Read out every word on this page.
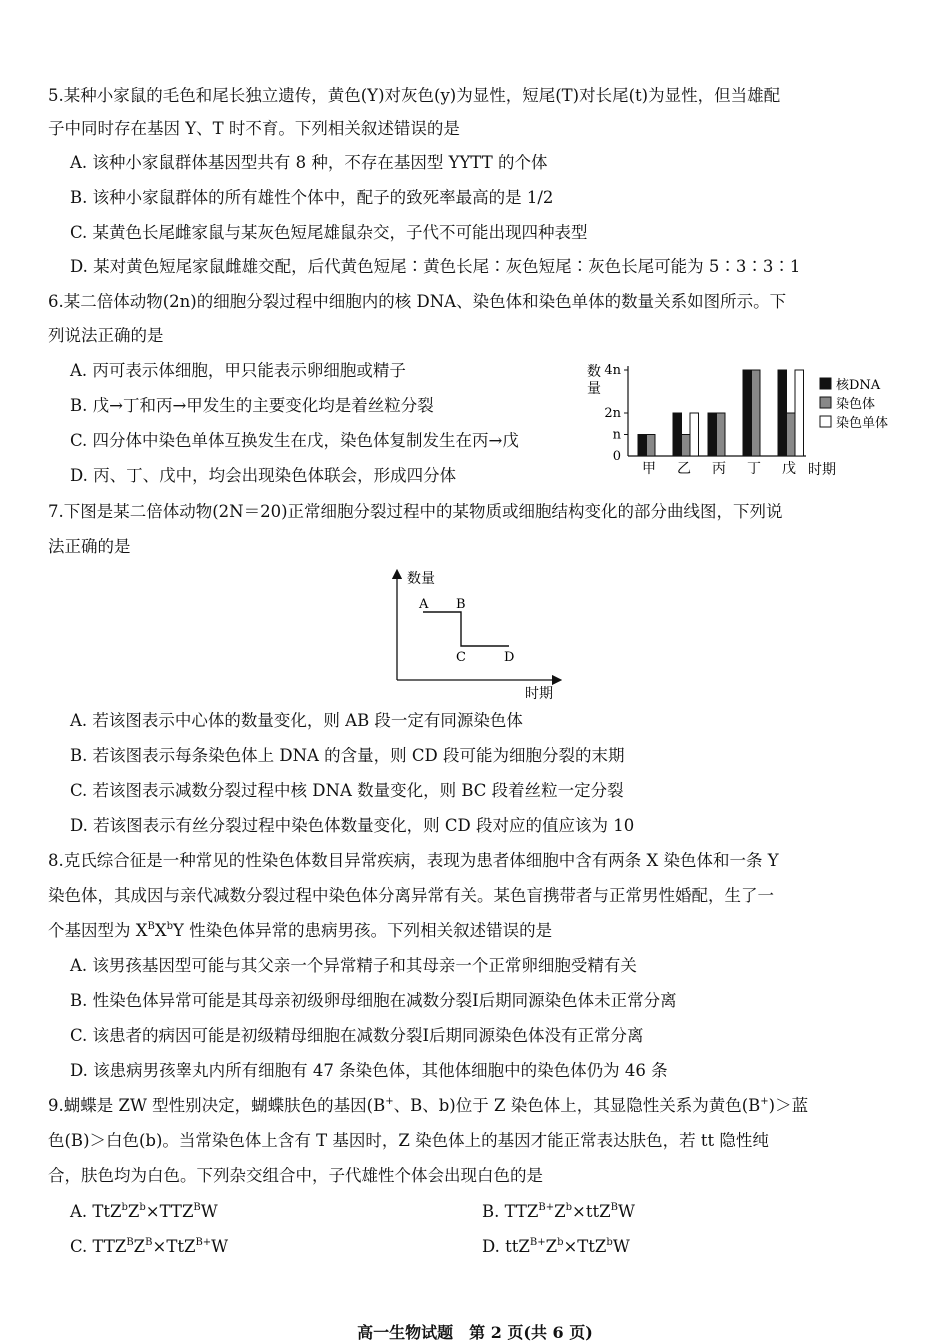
5.某种小家鼠的毛色和尾长独立遗传，黄色(Y)对灰色(y)为显性，短尾(T)对长尾(t)为显性，但当雄配
子中同时存在基因 Y、T 时不育。下列相关叙述错误的是
A. 该种小家鼠群体基因型共有 8 种，不存在基因型 YYTT 的个体
B. 该种小家鼠群体的所有雄性个体中，配子的致死率最高的是 1/2
C. 某黄色长尾雌家鼠与某灰色短尾雄鼠杂交，子代不可能出现四种表型
D. 某对黄色短尾家鼠雌雄交配，后代黄色短尾∶黄色长尾∶灰色短尾∶灰色长尾可能为 5∶3∶3∶1
6.某二倍体动物(2n)的细胞分裂过程中细胞内的核 DNA、染色体和染色单体的数量关系如图所示。下
列说法正确的是
A. 丙可表示体细胞，甲只能表示卵细胞或精子
B. 戊→丁和丙→甲发生的主要变化均是着丝粒分裂
C. 四分体中染色单体互换发生在戊，染色体复制发生在丙→戊
D. 丙、丁、戊中，均会出现染色体联会，形成四分体
数
量
0
n
2n
4n
甲 乙 丙 丁 戊 时期
核DNA
染色体
染色单体
7.下图是某二倍体动物(2N＝20)正常细胞分裂过程中的某物质或细胞结构变化的部分曲线图，下列说
法正确的是
数量
时期
A B
C	D
A. 若该图表示中心体的数量变化，则 AB 段一定有同源染色体
B. 若该图表示每条染色体上 DNA 的含量，则 CD 段可能为细胞分裂的末期
C. 若该图表示减数分裂过程中核 DNA 数量变化，则 BC 段着丝粒一定分裂
D. 若该图表示有丝分裂过程中染色体数量变化，则 CD 段对应的值应该为 10
8.克氏综合征是一种常见的性染色体数目异常疾病，表现为患者体细胞中含有两条 X 染色体和一条 Y
染色体，其成因与亲代减数分裂过程中染色体分离异常有关。某色盲携带者与正常男性婚配，生了一
个基因型为 $X^BX^bY$ 性染色体异常的患病男孩。下列相关叙述错误的是
A. 该男孩基因型可能与其父亲一个异常精子和其母亲一个正常卵细胞受精有关
B. 性染色体异常可能是其母亲初级卵母细胞在减数分裂Ⅰ后期同源染色体未正常分离
C. 该患者的病因可能是初级精母细胞在减数分裂Ⅰ后期同源染色体没有正常分离
D. 该患病男孩睾丸内所有细胞有 47 条染色体，其他体细胞中的染色体仍为 46 条
9.蝴蝶是 ZW 型性别决定，蝴蝶肤色的基因(B+、B、b)位于 Z 染色体上，其显隐性关系为黄色(B+)＞蓝
色(B)＞白色(b)。当常染色体上含有 T 基因时，Z 染色体上的基因才能正常表达肤色，若 tt 隐性纯
合，肤色均为白色。下列杂交组合中，子代雄性个体会出现白色的是
A. $TtZ^bZ^b\times TTZ^BW$	B. $TTZ^{B+}Z^b\times ttZ^BW$
C. $TTZ^BZ^B\times TtZ^{B+}W$	D. $ttZ^{B+}Z^b\times TtZ^bW$
高一生物试题　第 2 页(共 6 页)
